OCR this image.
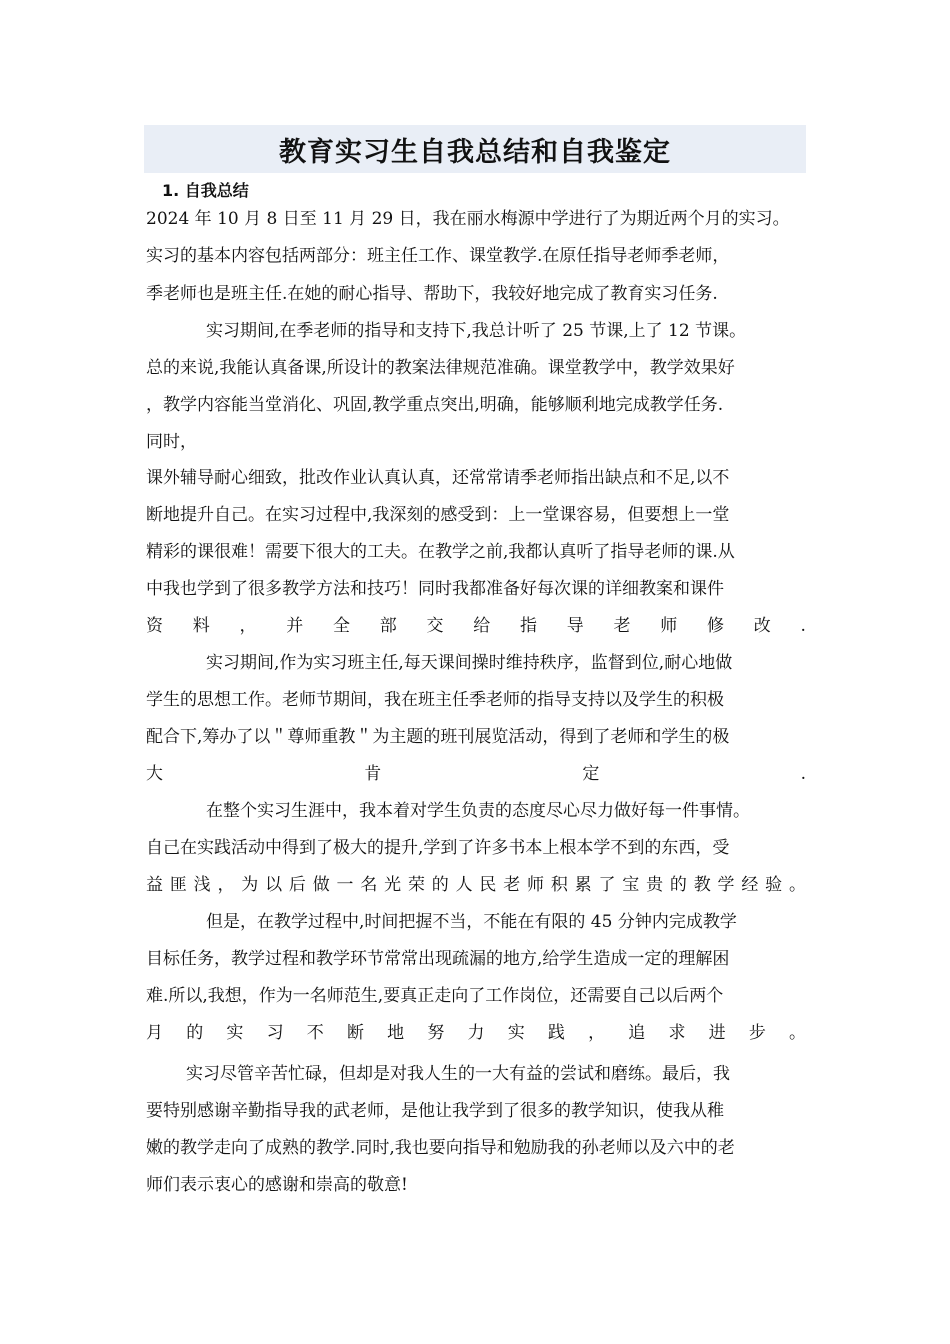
教育实习生自我总结和自我鉴定
1. 自我总结
2024 年 10 月 8 日至 11 月 29 日，我在丽水梅源中学进行了为期近两个月的实习。
实习的基本内容包括两部分：班主任工作、课堂教学.在原任指导老师季老师，
季老师也是班主任.在她的耐心指导、帮助下，我较好地完成了教育实习任务.
实习期间,在季老师的指导和支持下,我总计听了 25 节课,上了 12 节课。
总的来说,我能认真备课,所设计的教案法律规范准确。课堂教学中，教学效果好
，教学内容能当堂消化、巩固,教学重点突出,明确，能够顺利地完成教学任务.
同时，
课外辅导耐心细致，批改作业认真认真，还常常请季老师指出缺点和不足,以不
断地提升自己。在实习过程中,我深刻的感受到：上一堂课容易，但要想上一堂
精彩的课很难！需要下很大的工夫。在教学之前,我都认真听了指导老师的课.从
中我也学到了很多教学方法和技巧！同时我都准备好每次课的详细教案和课件
资 料 ， 并 全 部 交 给 指 导 老 师 修 改 .
实习期间,作为实习班主任,每天课间操时维持秩序，监督到位,耐心地做
学生的思想工作。老师节期间，我在班主任季老师的指导支持以及学生的积极
配合下,筹办了以＂尊师重教＂为主题的班刊展览活动，得到了老师和学生的极
大	肯	定	.
在整个实习生涯中，我本着对学生负责的态度尽心尽力做好每一件事情。
自己在实践活动中得到了极大的提升,学到了许多书本上根本学不到的东西，受
益 匪 浅 ， 为 以 后 做 一 名 光 荣 的 人 民 老 师 积 累 了 宝 贵 的 教 学 经 验 。
但是，在教学过程中,时间把握不当，不能在有限的 45 分钟内完成教学
目标任务，教学过程和教学环节常常出现疏漏的地方,给学生造成一定的理解困
难.所以,我想，作为一名师范生,要真正走向了工作岗位，还需要自己以后两个
月 的 实 习 不 断 地 努 力 实 践 ， 追 求 进 步 。
实习尽管辛苦忙碌，但却是对我人生的一大有益的尝试和磨练。最后，我
要特别感谢辛勤指导我的武老师，是他让我学到了很多的教学知识，使我从稚
嫩的教学走向了成熟的教学.同时,我也要向指导和勉励我的孙老师以及六中的老
师们表示衷心的感谢和崇高的敬意!
